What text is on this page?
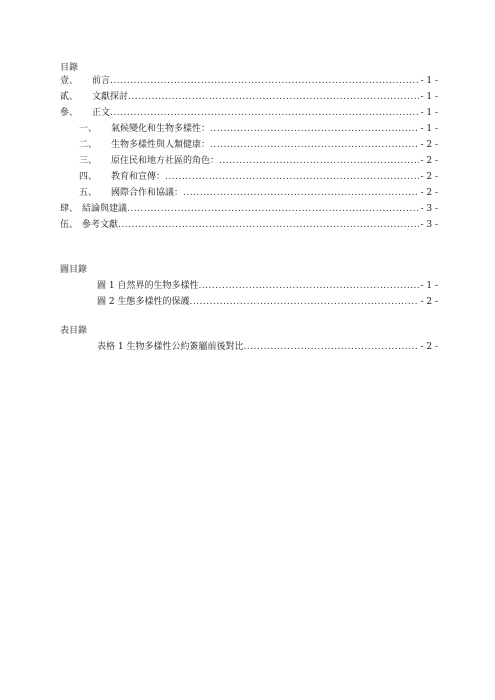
目錄
壹、 前言 .....	- 1 -
貳、 文獻探討 .....	- 1 -
參、 正文 .....	- 1 -
一、 氣候變化和生物多樣性： .....	- 1 -
二、 生物多樣性與人類健康： .....	- 2 -
三、 原住民和地方社區的角色： .....	- 2 -
四、 教育和宣傳： .....	- 2 -
五、 國際合作和協議： .....	- 2 -
肆、 結論與建議 .....	- 3 -
伍、 參考文獻 .....	- 3 -
圖目錄
圖 1 自然界的生物多樣性 .....	- 1 -
圖 2 生態多樣性的保護 .....	- 2 -
表目錄
表格 1 生物多樣性公約簽屬前後對比 .....	- 2 -
